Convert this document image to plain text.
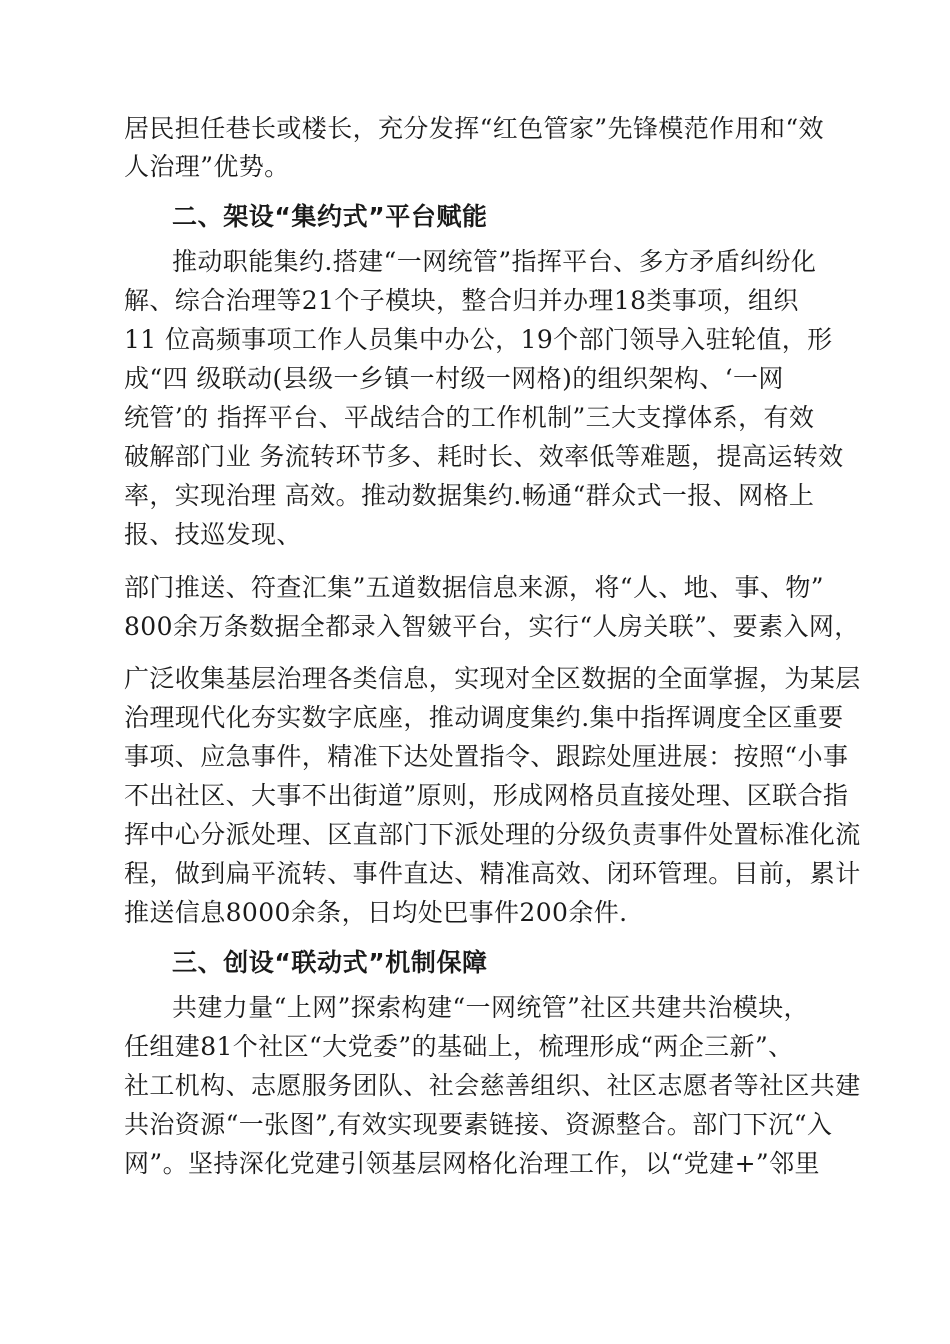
居民担任巷长或楼长，充分发挥“红色管家”先锋模范作用和“效
人治理”优势。
二、架设“集约式”平台赋能
推动职能集约.搭建“一网统管”指挥平台、多方矛盾纠纷化
解、综合治理等21个子模块，整合归并办理18类事项，组织
11 位高频事项工作人员集中办公，19个部门领导入驻轮值，形
成“四 级联动(县级一乡镇一村级一网格)的组织架构、‘一网
统管’的 指挥平台、平战结合的工作机制”三大支撑体系，有效
破解部门业 务流转环节多、耗时长、效率低等难题，提高运转效
率，实现治理 高效。推动数据集约.畅通“群众式一报、网格上
报、技巡发现、
部门推送、符查汇集”五道数据信息来源，将“人、地、事、物”
800余万条数据全都录入智皴平台，实行“人房关联”、要素入网，
广泛收集基层治理各类信息，实现对全区数据的全面掌握，为某层
治理现代化夯实数字底座，推动调度集约.集中指挥调度全区重要
事项、应急事件，精准下达处置指令、跟踪处厘进展：按照“小事
不出社区、大事不出街道”原则，形成网格员直接处理、区联合指
挥中心分派处理、区直部门下派处理的分级负责事件处置标准化流
程，做到扁平流转、事件直达、精准高效、闭环管理。目前，累计
推送信息8000余条，日均处巴事件200余件.
三、创设“联动式”机制保障
共建力量“上网”探索构建“一网统管”社区共建共治模块，
任组建81个社区“大党委”的基础上，梳理形成“两企三新”、
社工机构、志愿服务团队、社会慈善组织、社区志愿者等社区共建
共治资源“一张图”,有效实现要素链接、资源整合。部门下沉“入
网”。坚持深化党建引领基层网格化治理工作，以“党建+”邻里
